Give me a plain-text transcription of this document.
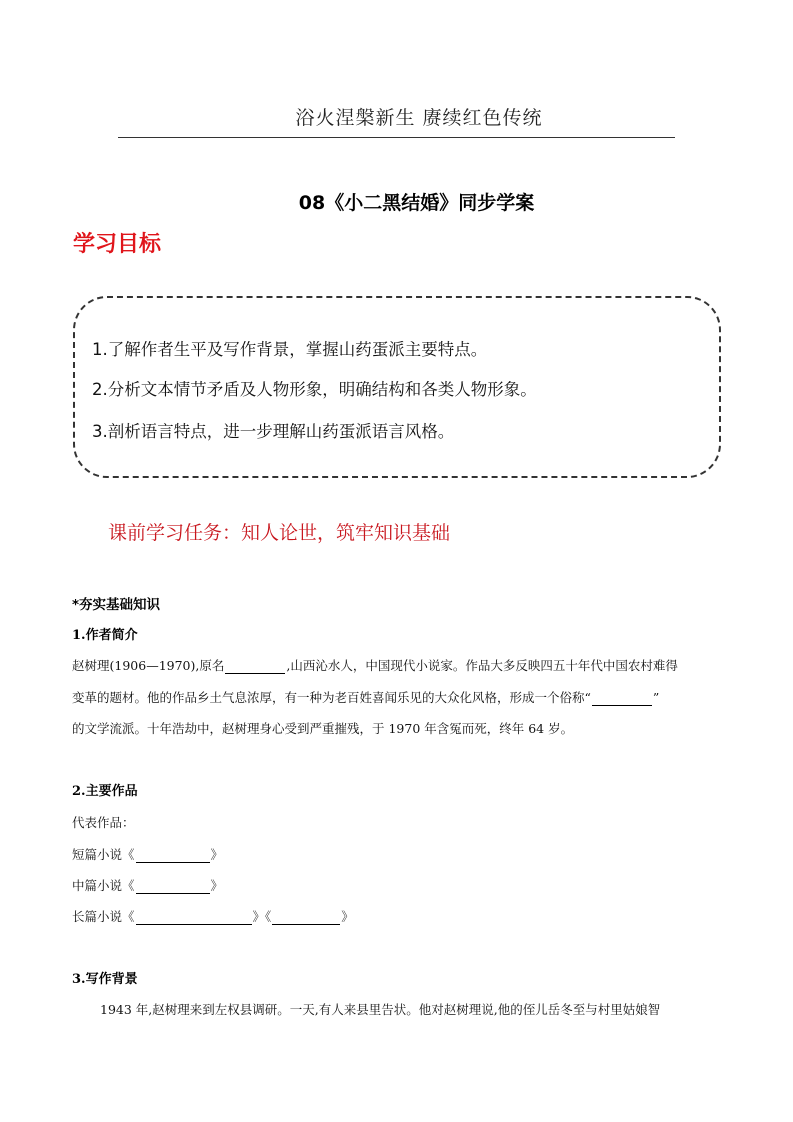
浴火涅槃新生 赓续红色传统
08《小二黑结婚》同步学案
学习目标
1.了解作者生平及写作背景，掌握山药蛋派主要特点。
2.分析文本情节矛盾及人物形象，明确结构和各类人物形象。
3.剖析语言特点，进一步理解山药蛋派语言风格。
课前学习任务：知人论世，筑牢知识基础
*夯实基础知识
1.作者简介
赵树理(1906—1970),原名	,山西沁水人，中国现代小说家。作品大多反映四五十年代中国农村难得
变革的题材。他的作品乡土气息浓厚，有一种为老百姓喜闻乐见的大众化风格，形成一个俗称“	”
的文学流派。十年浩劫中，赵树理身心受到严重摧残，于 1970 年含冤而死，终年 64 岁。
2.主要作品
代表作品：
短篇小说《	》
中篇小说《	》
长篇小说《	》《	》
3.写作背景
1943 年,赵树理来到左权县调研。一天,有人来县里告状。他对赵树理说,他的侄儿岳冬至与村里姑娘智
